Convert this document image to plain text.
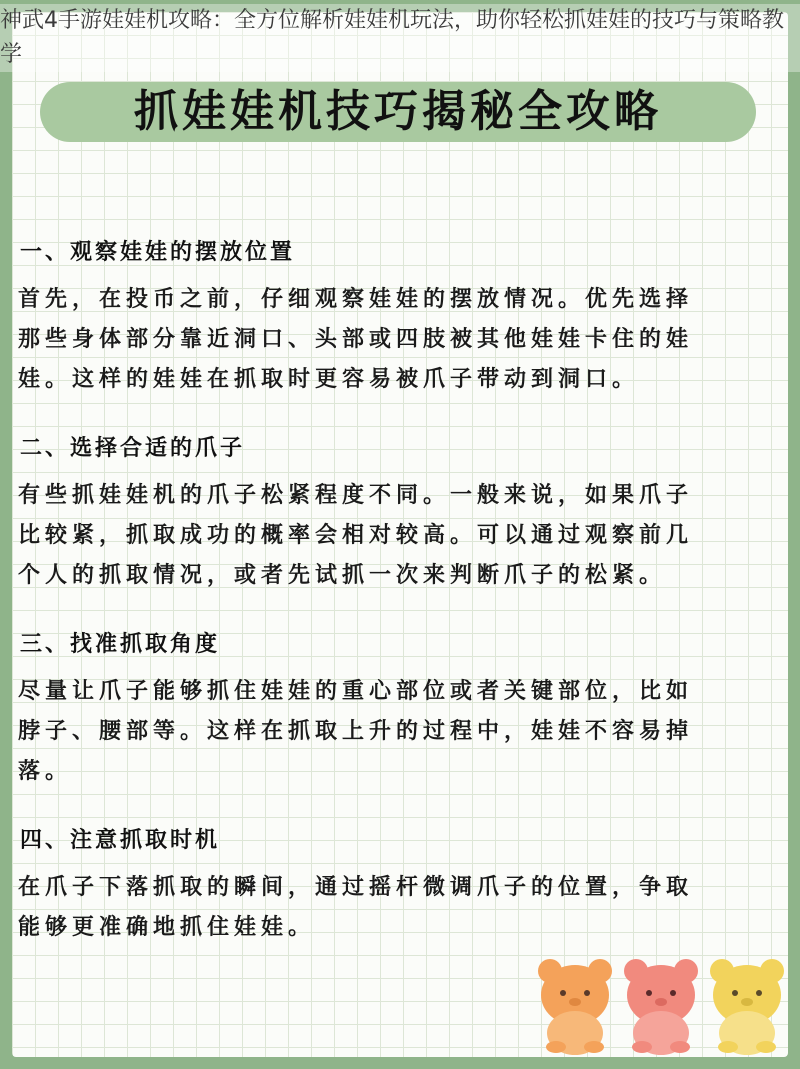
神武4手游娃娃机攻略：全方位解析娃娃机玩法，助你轻松抓娃娃的技巧与策略教学
抓娃娃机技巧揭秘全攻略
一、观察娃娃的摆放位置
首先，在投币之前，仔细观察娃娃的摆放情况。优先选择
那些身体部分靠近洞口、头部或四肢被其他娃娃卡住的娃
娃。这样的娃娃在抓取时更容易被爪子带动到洞口。
二、选择合适的爪子
有些抓娃娃机的爪子松紧程度不同。一般来说，如果爪子
比较紧，抓取成功的概率会相对较高。可以通过观察前几
个人的抓取情况，或者先试抓一次来判断爪子的松紧。
三、找准抓取角度
尽量让爪子能够抓住娃娃的重心部位或者关键部位，比如
脖子、腰部等。这样在抓取上升的过程中，娃娃不容易掉
落。
四、注意抓取时机
在爪子下落抓取的瞬间，通过摇杆微调爪子的位置，争取
能够更准确地抓住娃娃。
